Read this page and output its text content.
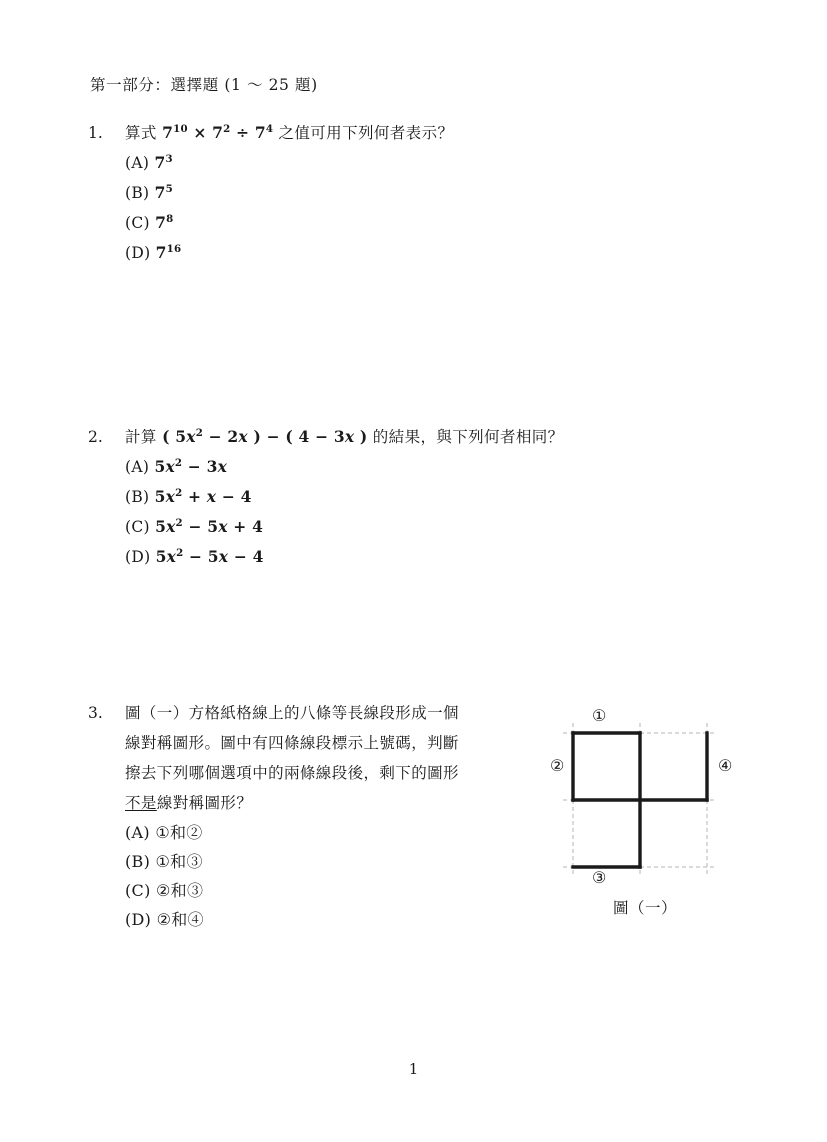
第一部分：選擇題 (1 ～ 25 題)
1.	算式 $7^{10} \times 7^2 \div 7^4$ 之值可用下列何者表示？
(A) $7^3$
(B) $7^5$
(C) $7^8$
(D) $7^{16}$
2.	計算 ( $5x^2 - 2x$ ) − ( 4 − 3x ) 的結果，與下列何者相同？
(A) $5x^2 - 3x$
(B) $5x^2 + x - 4$
(C) $5x^2 - 5x + 4$
(D) $5x^2 - 5x - 4$
3.	圖（一）方格紙格線上的八條等長線段形成一個
線對稱圖形。圖中有四條線段標示上號碼，判斷
擦去下列哪個選項中的兩條線段後，剩下的圖形
不是線對稱圖形？
(A) ①和②
(B) ①和③
(C) ②和③
(D) ②和④
①
②	④
③
圖（一）
1
